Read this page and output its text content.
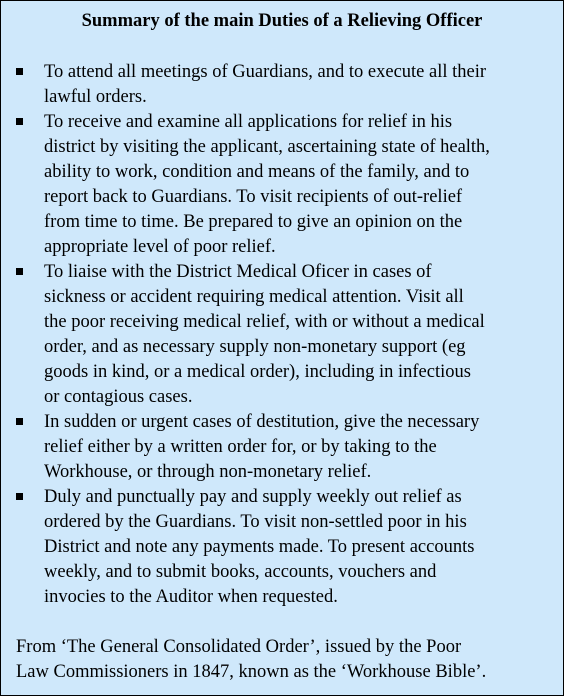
Summary of the main Duties of a Relieving Officer
To attend all meetings of Guardians, and to execute all their
lawful orders.
To receive and examine all applications for relief in his
district by visiting the applicant, ascertaining state of health,
ability to work, condition and means of the family, and to
report back to Guardians. To visit recipients of out-relief
from time to time. Be prepared to give an opinion on the
appropriate level of poor relief.
To liaise with the District Medical Oficer in cases of
sickness or accident requiring medical attention. Visit all
the poor receiving medical relief, with or without a medical
order, and as necessary supply non-monetary support (eg
goods in kind, or a medical order), including in infectious
or contagious cases.
In sudden or urgent cases of destitution, give the necessary
relief either by a written order for, or by taking to the
Workhouse, or through non-monetary relief.
Duly and punctually pay and supply weekly out relief as
ordered by the Guardians. To visit non-settled poor in his
District and note any payments made. To present accounts
weekly, and to submit books, accounts, vouchers and
invocies to the Auditor when requested.
From ‘The General Consolidated Order’, issued by the Poor
Law Commissioners in 1847, known as the ‘Workhouse Bible’.
